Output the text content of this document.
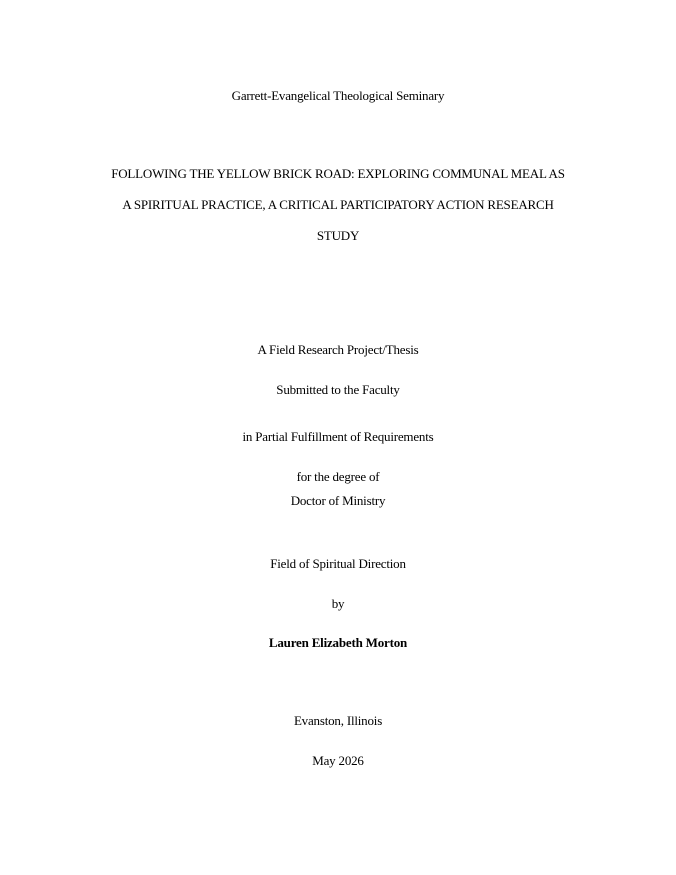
Garrett-Evangelical Theological Seminary
FOLLOWING THE YELLOW BRICK ROAD: EXPLORING COMMUNAL MEAL AS
A SPIRITUAL PRACTICE, A CRITICAL PARTICIPATORY ACTION RESEARCH
STUDY
A Field Research Project/Thesis
Submitted to the Faculty
in Partial Fulfillment of Requirements
for the degree of
Doctor of Ministry
Field of Spiritual Direction
by
Lauren Elizabeth Morton
Evanston, Illinois
May 2026
